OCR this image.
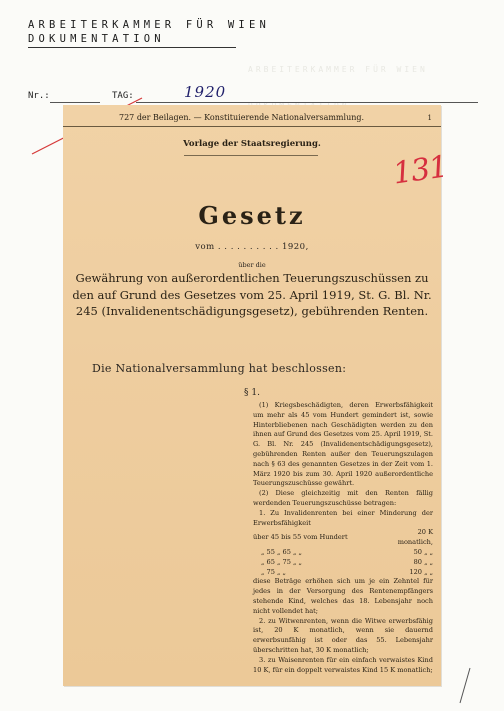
ARBEITERKAMMER FÜR WIEN
DOKUMENTATION

ARBEITERKAMMER FÜR WIEN

Nr.:	TAG:	1920
727 der Beilagen. — Konstituierende Nationalversammlung.	1
Vorlage der Staatsregierung.
131
Gesetz
vom . . . . . . . . . . 1920,
über die
Gewährung von außerordentlichen Teuerungszuschüssen zu den auf Grund des Gesetzes vom 25. April 1919, St. G. Bl. Nr. 245 (Invalidenentschädigungsgesetz), gebührenden Renten.
Die Nationalversammlung hat beschlossen:
§ 1.

(1) Kriegsbeschädigten, deren Erwerbsfähigkeit um mehr als 45 vom Hundert gemindert ist, sowie Hinterbliebenen nach Geschädigten werden zu den ihnen auf Grund des Gesetzes vom 25. April 1919, St. G. Bl. Nr. 245 (Invalidenentschädigungsgesetz), gebührenden Renten außer den Teuerungszulagen nach § 63 des genannten Gesetzes in der Zeit vom 1. März 1920 bis zum 30. April 1920 außerordentliche Teuerungszuschüsse gewährt.

(2) Diese gleichzeitig mit den Renten fällig werdenden Teuerungszuschüsse betragen:

1. Zu Invalidenrenten bei einer Minderung der Erwerbsfähigkeit

über 45 bis 55 vom Hundert	20 K monatlich,
„ 55 „ 65 „ „	50 „ „
„ 65 „ 75 „ „	80 „ „
„ 75 „ „	120 „ „

diese Beträge erhöhen sich um je ein Zehntel für jedes in der Versorgung des Rentenempfängers stehende Kind, welches das 18. Lebensjahr noch nicht vollendet hat;

2. zu Witwenrenten, wenn die Witwe erwerbsfähig ist, 20 K monatlich, wenn sie dauernd erwerbsunfähig ist oder das 55. Lebensjahr überschritten hat, 30 K monatlich;

3. zu Waisenrenten für ein einfach verwaistes Kind 10 K, für ein doppelt verwaistes Kind 15 K monatlich;
